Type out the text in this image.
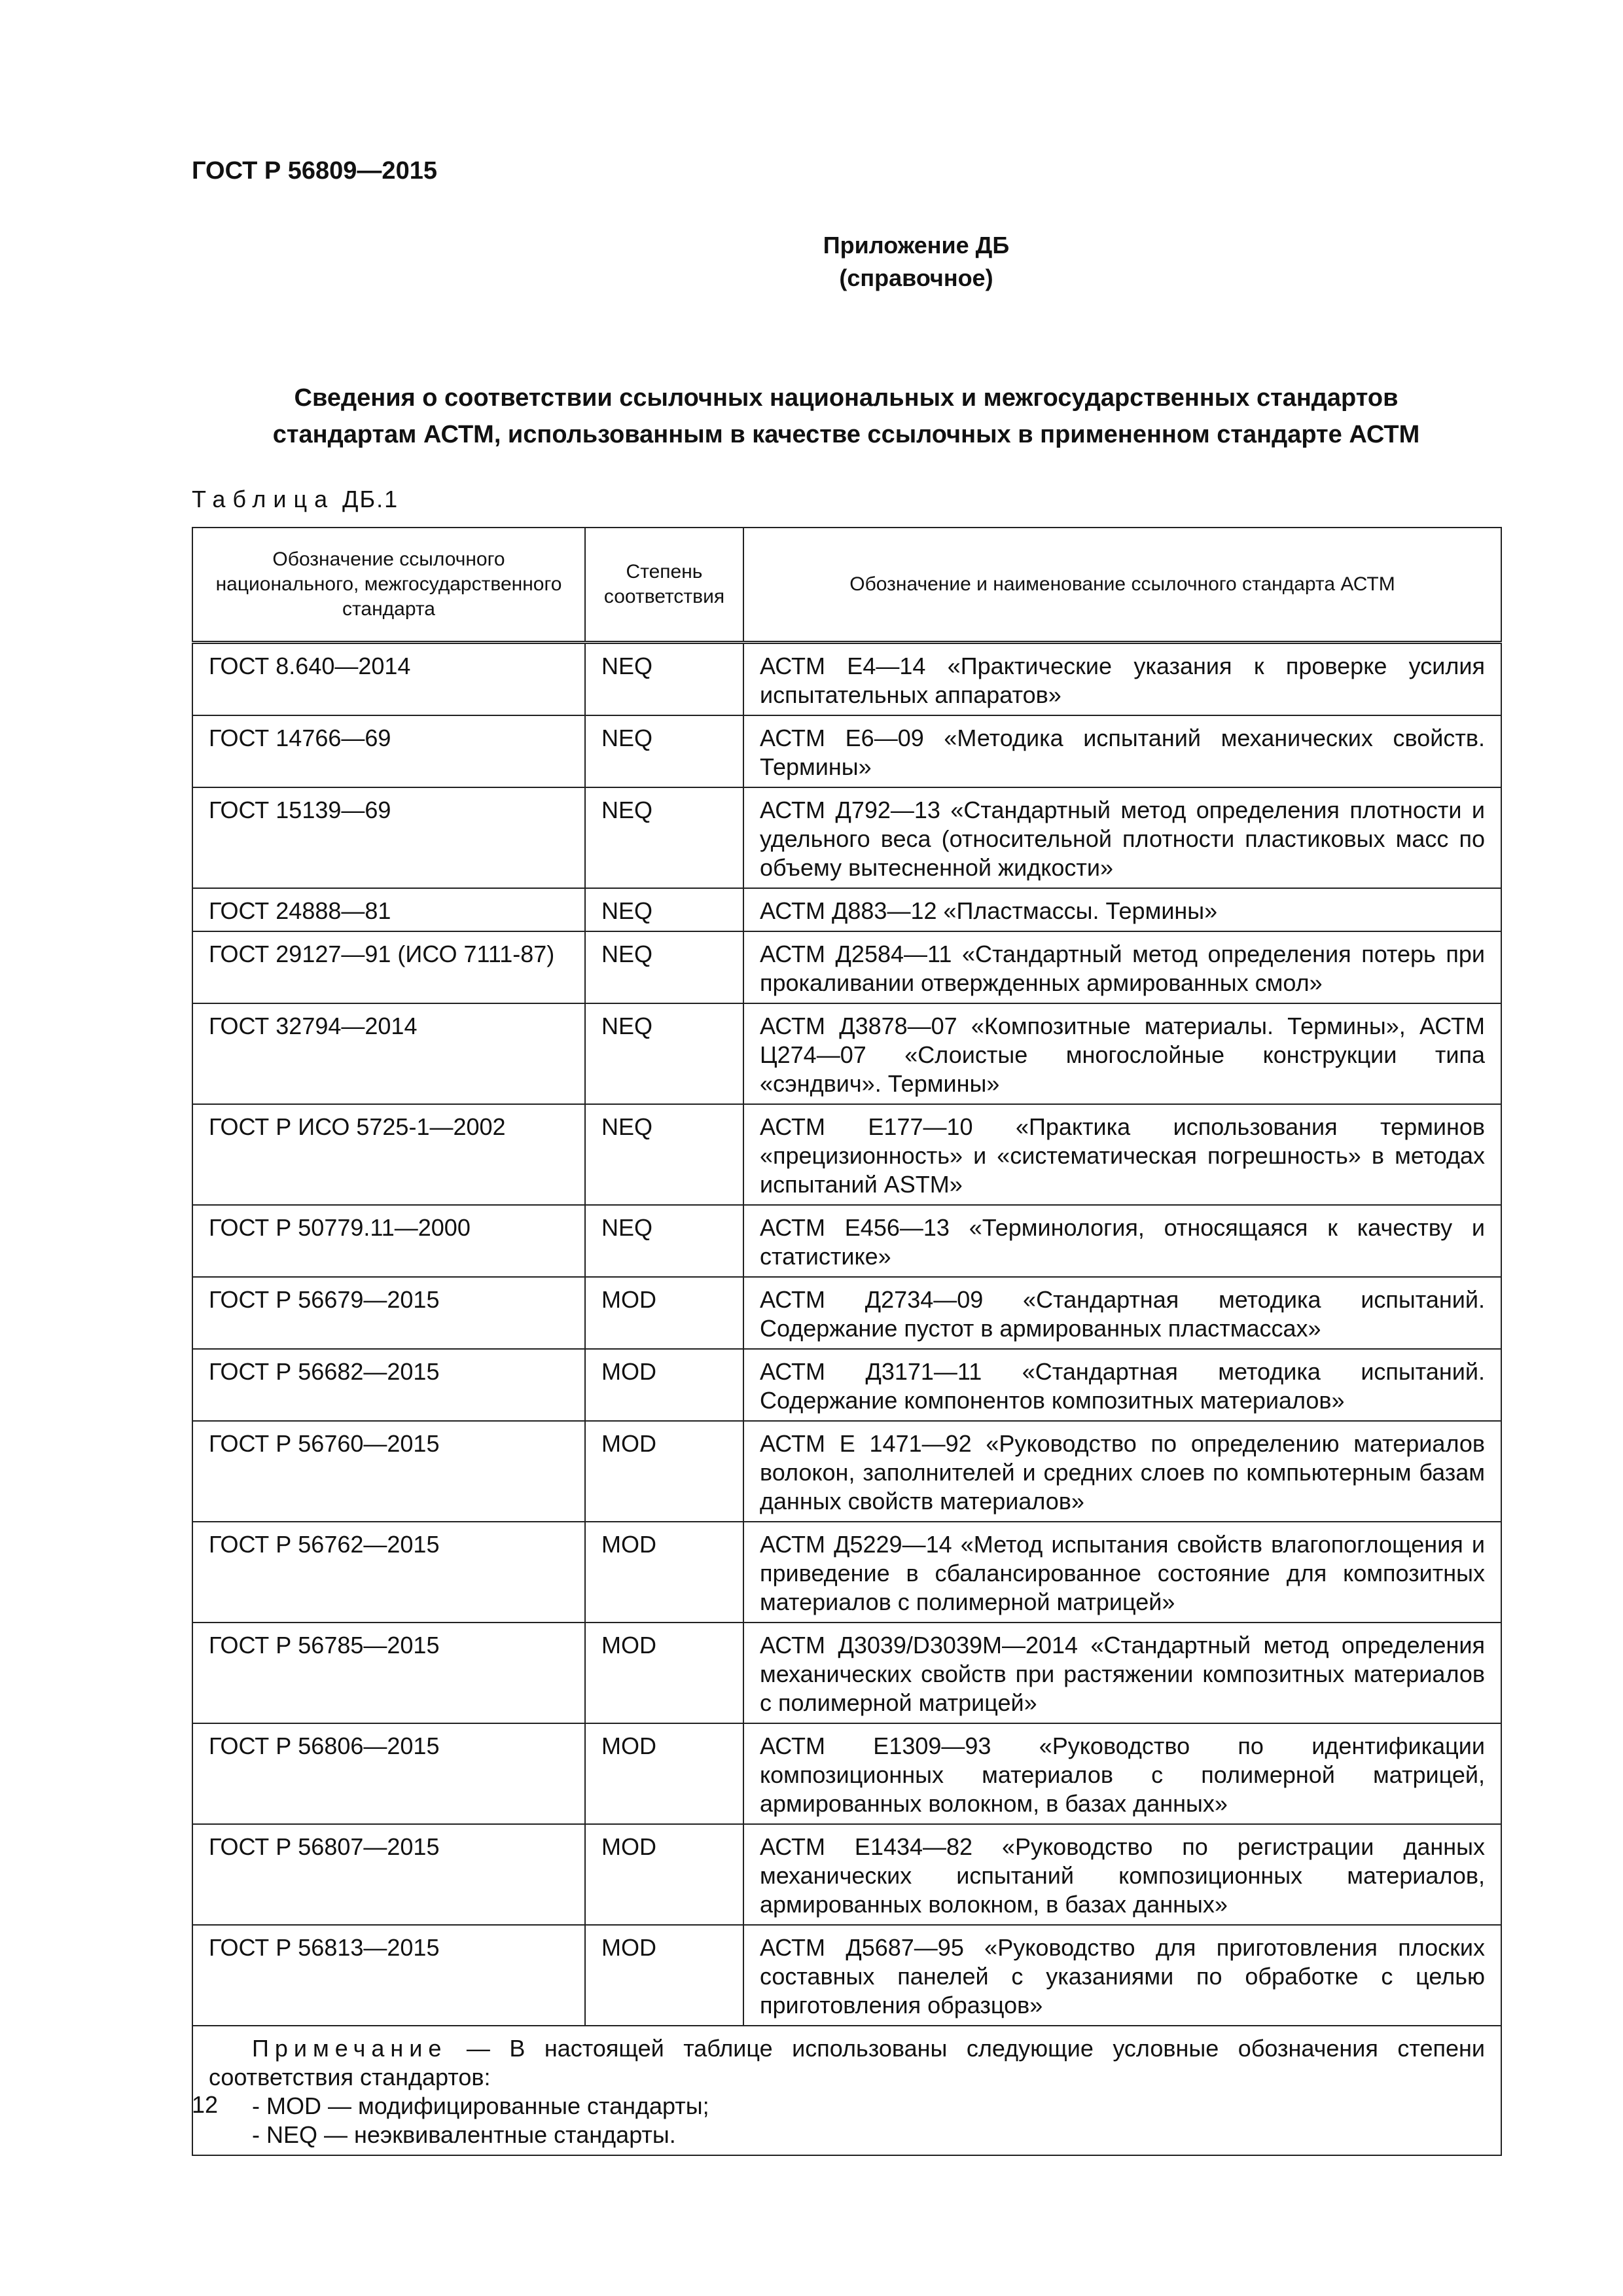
ГОСТ Р 56809—2015
Приложение ДБ
(справочное)
Сведения о соответствии ссылочных национальных и межгосударственных стандартов
стандартам АСТМ, использованным в качестве ссылочных в примененном стандарте АСТМ
Таблица ДБ.1
Обозначение ссылочного национального, межгосударственного стандарта	Степень соответствия	Обозначение и наименование ссылочного стандарта АСТМ
ГОСТ 8.640—2014	NEQ	АСТМ Е4—14 «Практические указания к проверке усилия испытательных аппаратов»
ГОСТ 14766—69	NEQ	АСТМ Е6—09 «Методика испытаний механических свойств. Термины»
ГОСТ 15139—69	NEQ	АСТМ Д792—13 «Стандартный метод определения плотности и удельного веса (относительной плотности пластиковых масс по объему вытесненной жидкости»
ГОСТ 24888—81	NEQ	АСТМ Д883—12 «Пластмассы. Термины»
ГОСТ 29127—91 (ИСО 7111-87)	NEQ	АСТМ Д2584—11 «Стандартный метод определения потерь при прокаливании отвержденных армированных смол»
ГОСТ 32794—2014	NEQ	АСТМ Д3878—07 «Композитные материалы. Термины», АСТМ Ц274—07 «Слоистые многослойные конструкции типа «сэндвич». Термины»
ГОСТ Р ИСО 5725-1—2002	NEQ	АСТМ Е177—10 «Практика использования терминов «прецизионность» и «систематическая погрешность» в методах испытаний ASTM»
ГОСТ Р 50779.11—2000	NEQ	АСТМ Е456—13 «Терминология, относящаяся к качеству и статистике»
ГОСТ Р 56679—2015	MOD	АСТМ Д2734—09 «Стандартная методика испытаний. Содержание пустот в армированных пластмассах»
ГОСТ Р 56682—2015	MOD	АСТМ Д3171—11 «Стандартная методика испытаний. Содержание компонентов композитных материалов»
ГОСТ Р 56760—2015	MOD	АСТМ Е 1471—92 «Руководство по определению материалов волокон, заполнителей и средних слоев по компьютерным базам данных свойств материалов»
ГОСТ Р 56762—2015	MOD	АСТМ Д5229—14 «Метод испытания свойств влагопоглощения и приведение в сбалансированное состояние для композитных материалов с полимерной матрицей»
ГОСТ Р 56785—2015	MOD	АСТМ Д3039/D3039M—2014 «Стандартный метод определения механических свойств при растяжении композитных материалов с полимерной матрицей»
ГОСТ Р 56806—2015	MOD	АСТМ Е1309—93 «Руководство по идентификации композиционных материалов с полимерной матрицей, армированных волокном, в базах данных»
ГОСТ Р 56807—2015	MOD	АСТМ Е1434—82 «Руководство по регистрации данных механических испытаний композиционных материалов, армированных волокном, в базах данных»
ГОСТ Р 56813—2015	MOD	АСТМ Д5687—95 «Руководство для приготовления плоских составных панелей с указаниями по обработке с целью приготовления образцов»

Примечание — В настоящей таблице использованы следующие условные обозначения степени соответствия стандартов:
- MOD — модифицированные стандарты;
- NEQ — неэквивалентные стандарты.		
12
